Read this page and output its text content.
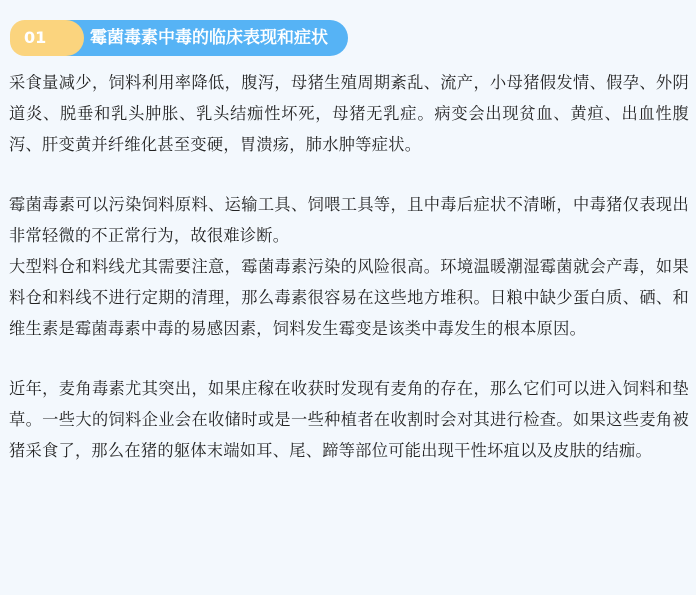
01	霉菌毒素中毒的临床表现和症状

采食量减少，饲料利用率降低，腹泻，母猪生殖周期紊乱、流产，小母猪假发情、假孕、外阴道炎、脱垂和乳头肿胀、乳头结痂性坏死，母猪无乳症。病变会出现贫血、黄疸、出血性腹泻、肝变黄并纤维化甚至变硬，胃溃疡，肺水肿等症状。

霉菌毒素可以污染饲料原料、运输工具、饲喂工具等，且中毒后症状不清晰，中毒猪仅表现出非常轻微的不正常行为，故很难诊断。

大型料仓和料线尤其需要注意，霉菌毒素污染的风险很高。环境温暖潮湿霉菌就会产毒，如果料仓和料线不进行定期的清理，那么毒素很容易在这些地方堆积。日粮中缺少蛋白质、硒、和维生素是霉菌毒素中毒的易感因素，饲料发生霉变是该类中毒发生的根本原因。

近年，麦角毒素尤其突出，如果庄稼在收获时发现有麦角的存在，那么它们可以进入饲料和垫草。一些大的饲料企业会在收储时或是一些种植者在收割时会对其进行检查。如果这些麦角被猪采食了，那么在猪的躯体末端如耳、尾、蹄等部位可能出现干性坏疽以及皮肤的结痂。
